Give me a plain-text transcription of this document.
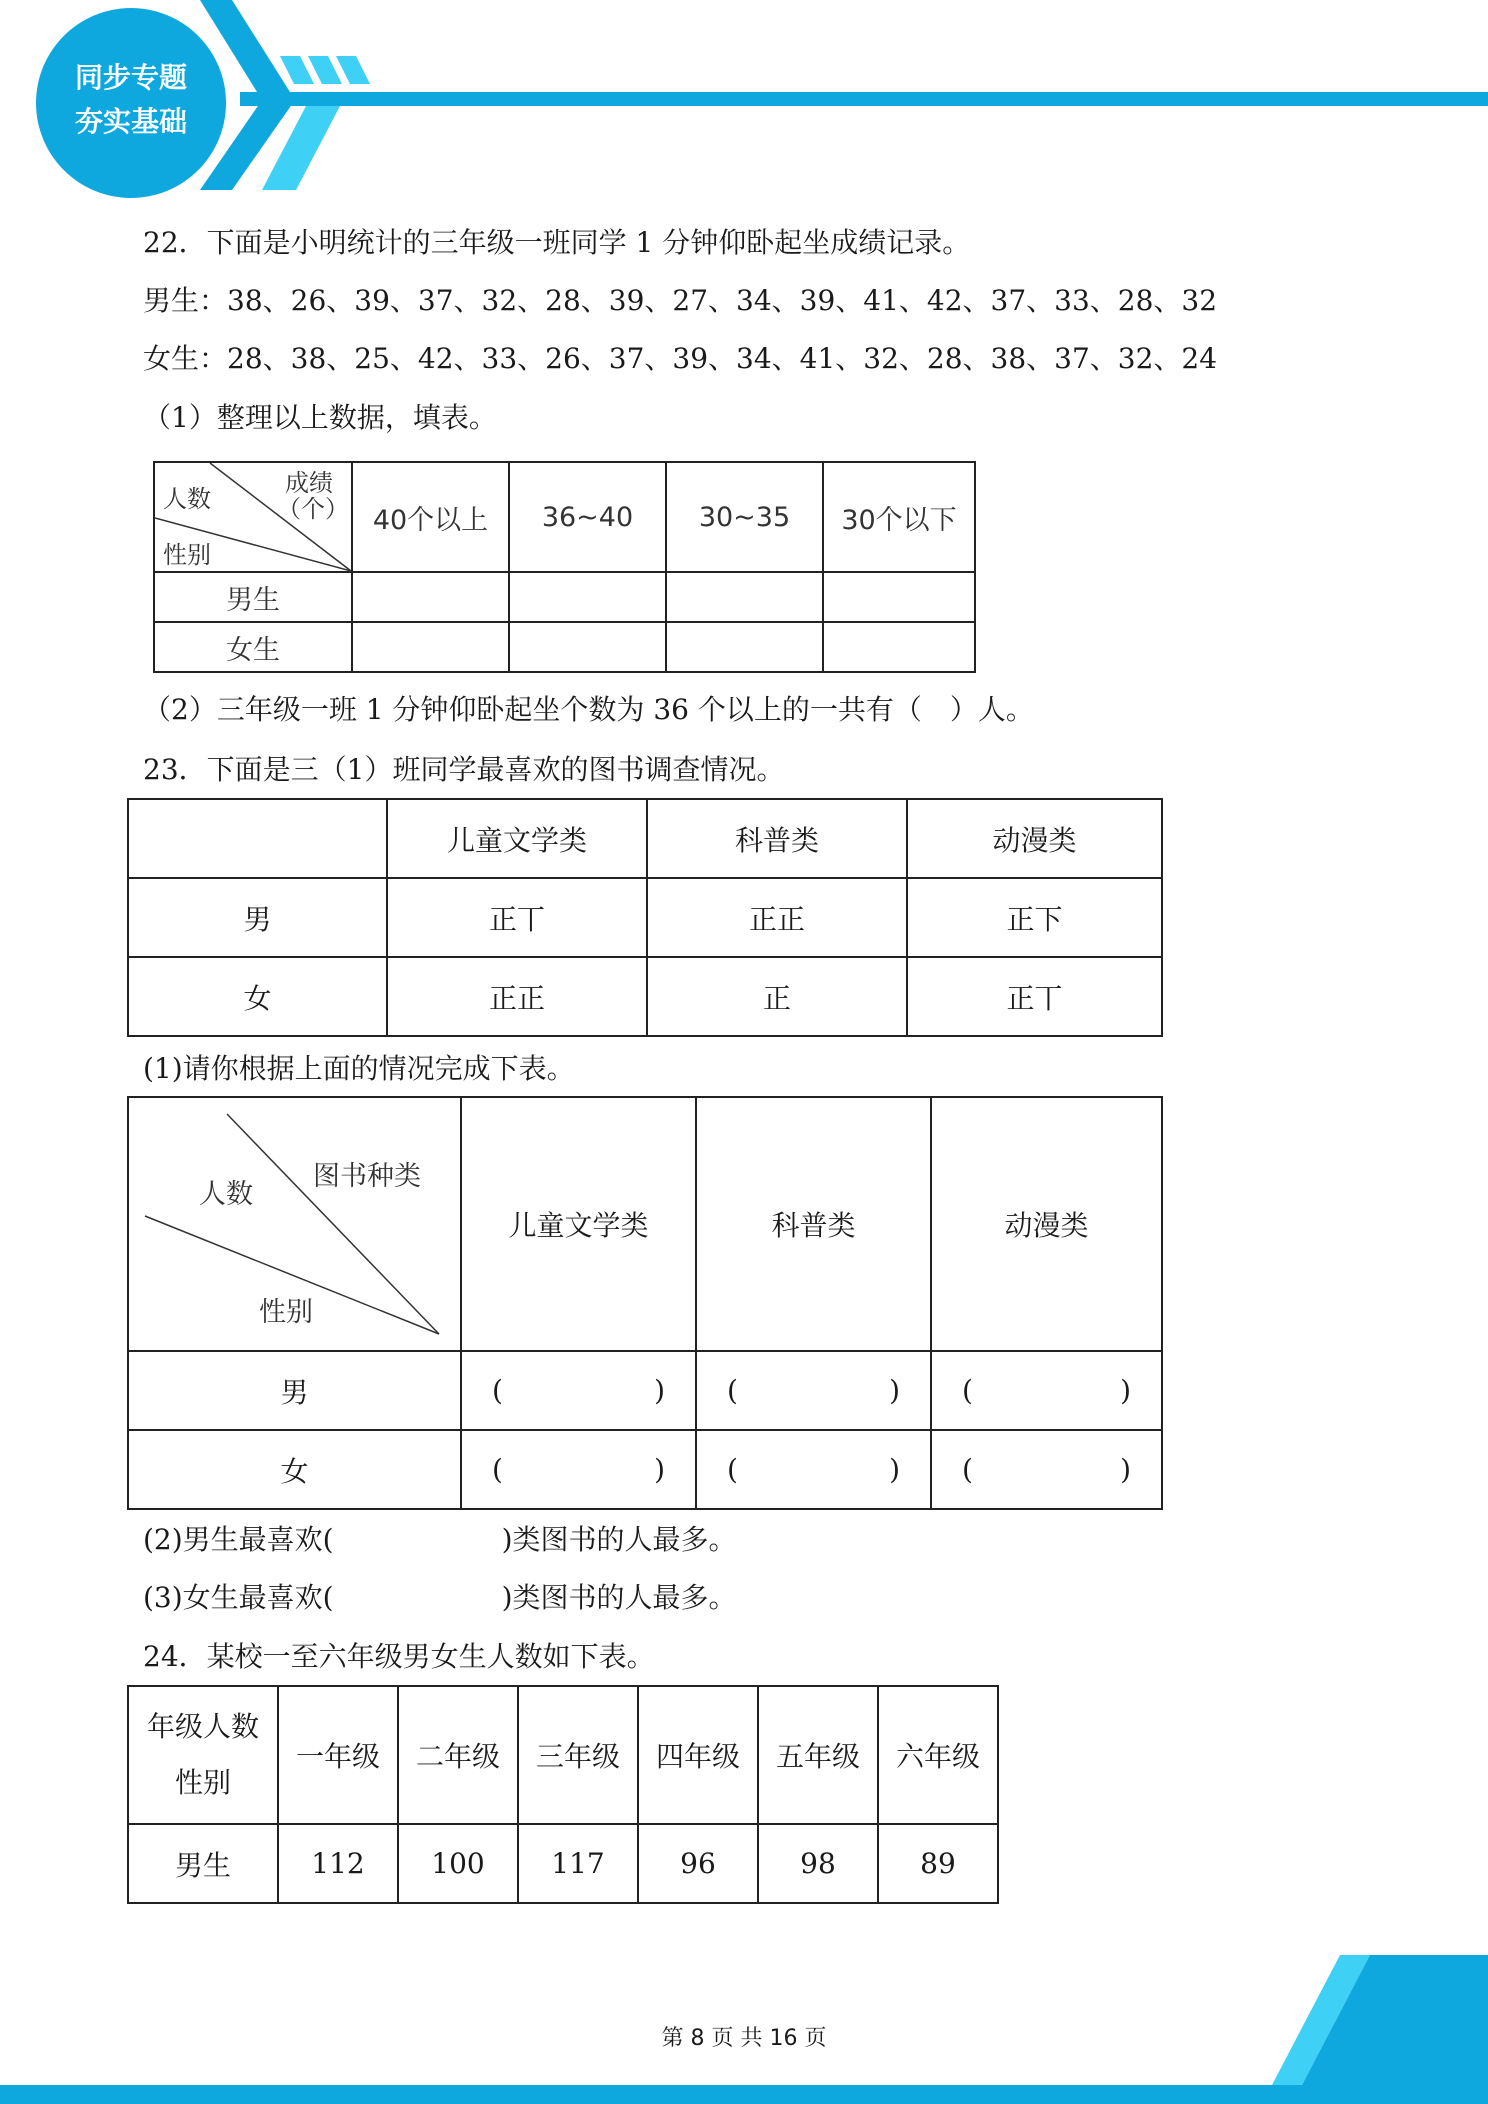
同步专题
夯实基础
22．下面是小明统计的三年级一班同学 1 分钟仰卧起坐成绩记录。
男生：38、26、39、37、32、28、39、27、34、39、41、42、37、33、28、32
女生：28、38、25、42、33、26、37、39、34、41、32、28、38、37、32、24
（1）整理以上数据，填表。
成绩
（个）
人数
性别	40个以上	36~40	30~35	30个以下
男生				
女生				
（2）三年级一班 1 分钟仰卧起坐个数为 36 个以上的一共有（　）人。
23．下面是三（1）班同学最喜欢的图书调查情况。
	儿童文学类	科普类	动漫类
男	正丅	正正	正下
女	正正	正	正丅
(1)请你根据上面的情况完成下表。
图书种类
人数
性别	儿童文学类	科普类	动漫类
男	( )	( )	( )

女	( )	( )	( )
(2)男生最喜欢(　　　　　　)类图书的人最多。
(3)女生最喜欢(　　　　　　)类图书的人最多。
24．某校一至六年级男女生人数如下表。
年级人数
性别	一年级	二年级	三年级	四年级	五年级	六年级
男生	112	100	117	96	98	89
第 8 页 共 16 页
